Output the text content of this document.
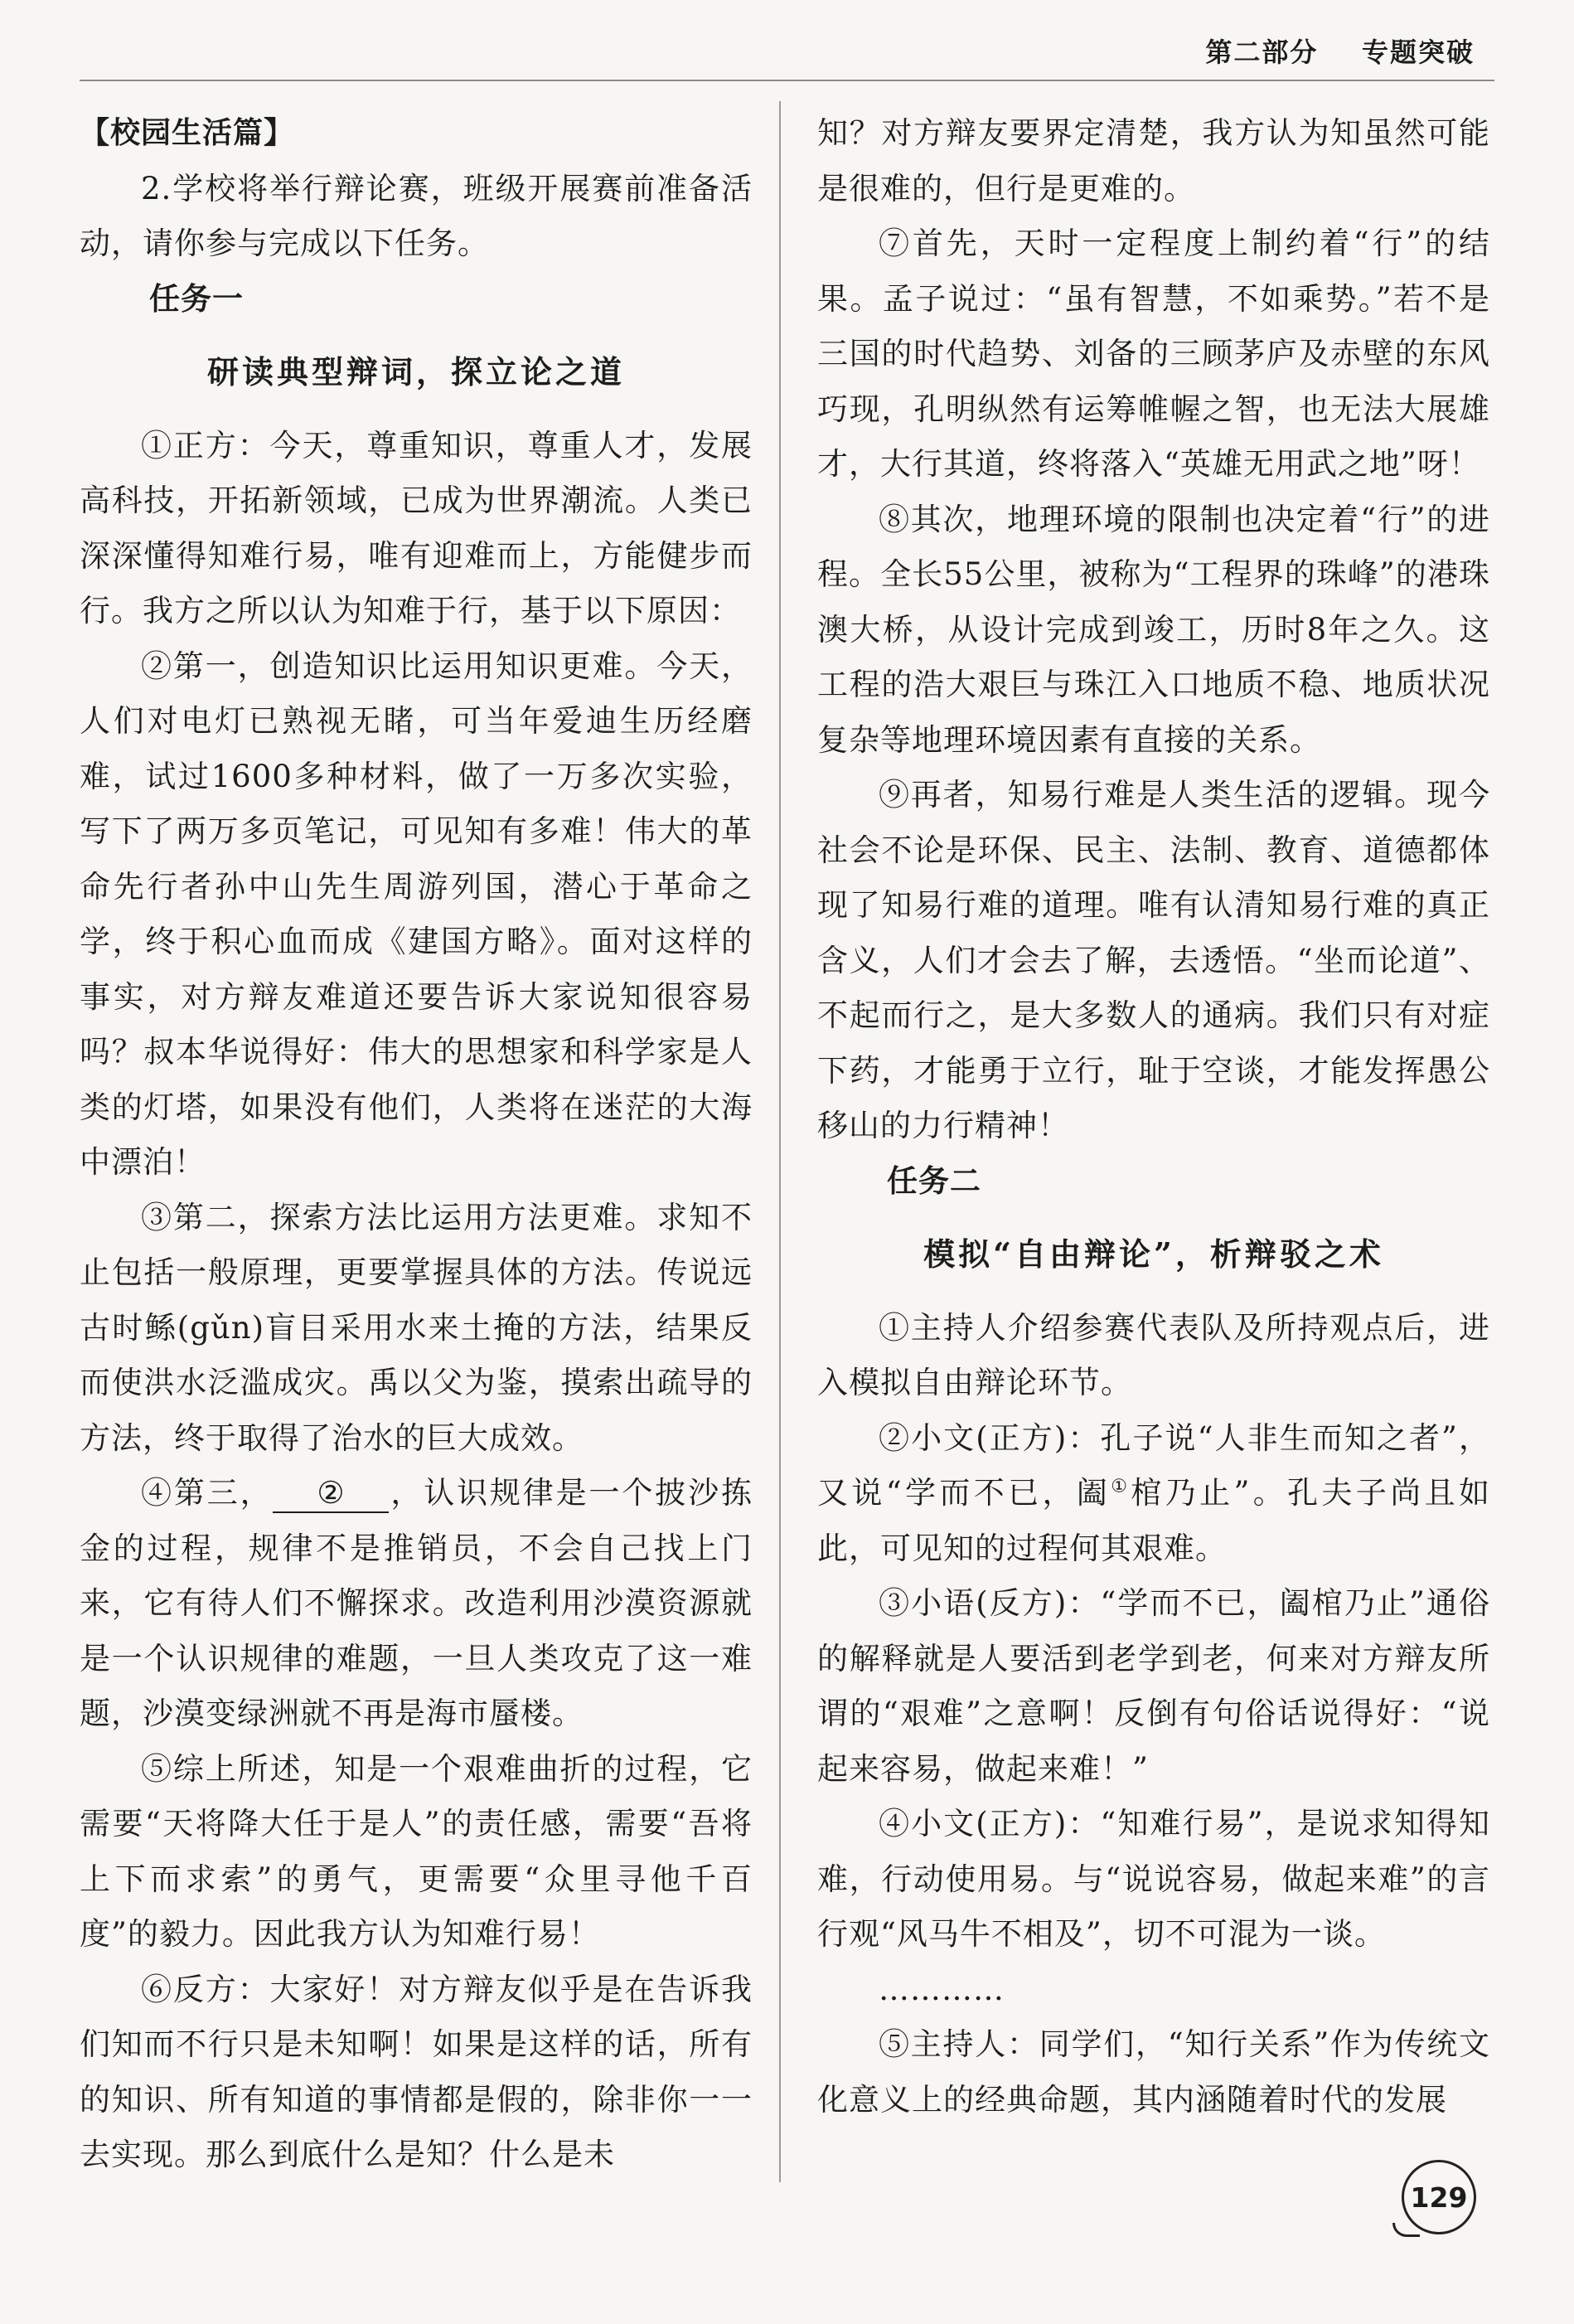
第二部分    专题突破

【校园生活篇】

2.学校将举行辩论赛，班级开展赛前准备活动，请你参与完成以下任务。

任务一

研读典型辩词，探立论之道

①正方：今天，尊重知识，尊重人才，发展高科技，开拓新领域，已成为世界潮流。人类已深深懂得知难行易，唯有迎难而上，方能健步而行。我方之所以认为知难于行，基于以下原因：

②第一，创造知识比运用知识更难。今天，人们对电灯已熟视无睹，可当年爱迪生历经磨难，试过1600多种材料，做了一万多次实验，写下了两万多页笔记，可见知有多难！伟大的革命先行者孙中山先生周游列国，潜心于革命之学，终于积心血而成《建国方略》。面对这样的事实，对方辩友难道还要告诉大家说知很容易吗？叔本华说得好：伟大的思想家和科学家是人类的灯塔，如果没有他们，人类将在迷茫的大海中漂泊！

③第二，探索方法比运用方法更难。求知不止包括一般原理，更要掌握具体的方法。传说远古时鲧(gǔn)盲目采用水来土掩的方法，结果反而使洪水泛滥成灾。禹以父为鉴，摸索出疏导的方法，终于取得了治水的巨大成效。

④第三， ② ，认识规律是一个披沙拣金的过程，规律不是推销员，不会自己找上门来，它有待人们不懈探求。改造利用沙漠资源就是一个认识规律的难题，一旦人类攻克了这一难题，沙漠变绿洲就不再是海市蜃楼。

⑤综上所述，知是一个艰难曲折的过程，它需要“天将降大任于是人”的责任感，需要“吾将上下而求索”的勇气，更需要“众里寻他千百度”的毅力。因此我方认为知难行易！

⑥反方：大家好！对方辩友似乎是在告诉我们知而不行只是未知啊！如果是这样的话，所有的知识、所有知道的事情都是假的，除非你一一去实现。那么到底什么是知？什么是未

知？对方辩友要界定清楚，我方认为知虽然可能是很难的，但行是更难的。

⑦首先，天时一定程度上制约着“行”的结果。孟子说过：“虽有智慧，不如乘势。”若不是三国的时代趋势、刘备的三顾茅庐及赤壁的东风巧现，孔明纵然有运筹帷幄之智，也无法大展雄才，大行其道，终将落入“英雄无用武之地”呀！

⑧其次，地理环境的限制也决定着“行”的进程。全长55公里，被称为“工程界的珠峰”的港珠澳大桥，从设计完成到竣工，历时8年之久。这工程的浩大艰巨与珠江入口地质不稳、地质状况复杂等地理环境因素有直接的关系。

⑨再者，知易行难是人类生活的逻辑。现今社会不论是环保、民主、法制、教育、道德都体现了知易行难的道理。唯有认清知易行难的真正含义，人们才会去了解，去透悟。“坐而论道”、不起而行之，是大多数人的通病。我们只有对症下药，才能勇于立行，耻于空谈，才能发挥愚公移山的力行精神！

任务二

模拟“自由辩论”，析辩驳之术

①主持人介绍参赛代表队及所持观点后，进入模拟自由辩论环节。

②小文(正方)：孔子说“人非生而知之者”，又说“学而不已，阖①棺乃止”。孔夫子尚且如此，可见知的过程何其艰难。

③小语(反方)：“学而不已，阖棺乃止”通俗的解释就是人要活到老学到老，何来对方辩友所谓的“艰难”之意啊！反倒有句俗话说得好：“说起来容易，做起来难！”

④小文(正方)：“知难行易”，是说求知得知难，行动使用易。与“说说容易，做起来难”的言行观“风马牛不相及”，切不可混为一谈。

…………

⑤主持人：同学们，“知行关系”作为传统文化意义上的经典命题，其内涵随着时代的发展

129
